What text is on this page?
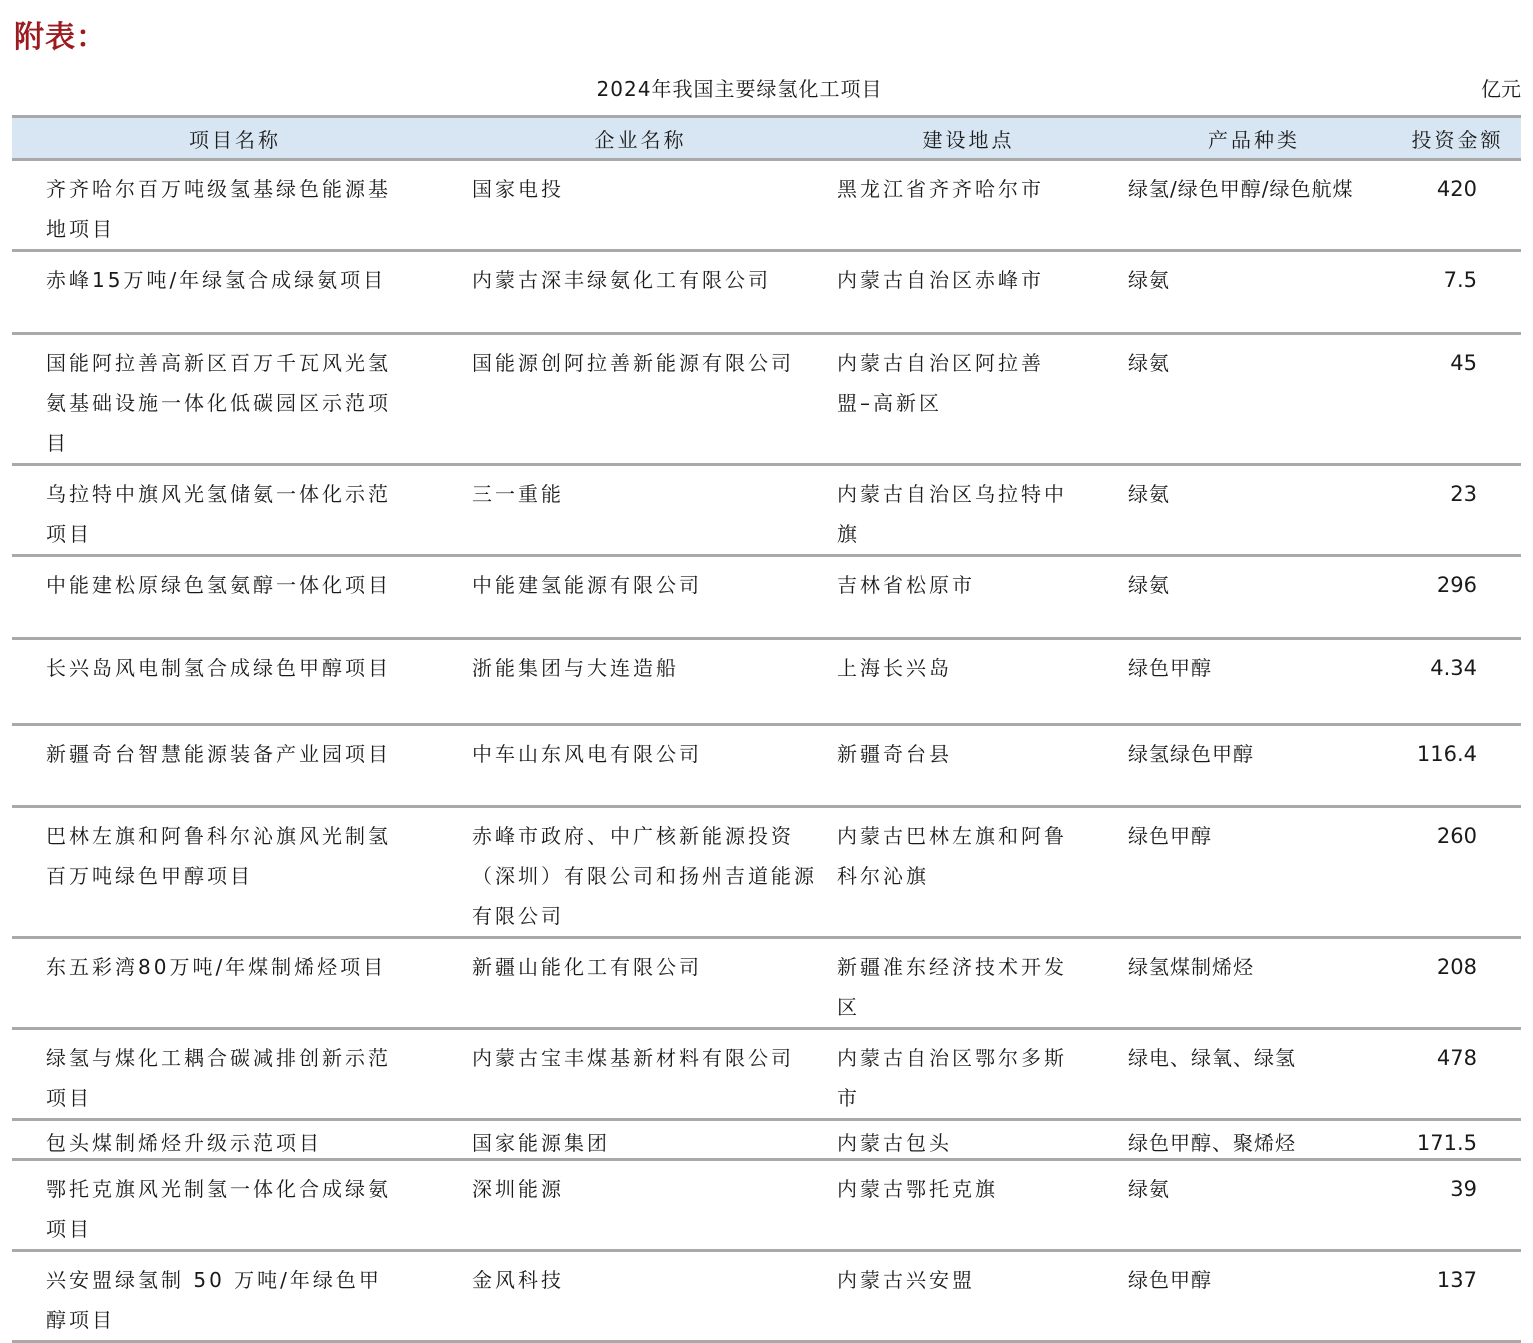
附表：
2024年我国主要绿氢化工项目	亿元
项目名称	企业名称	建设地点	产品种类	投资金额
齐齐哈尔百万吨级氢基绿色能源基地项目	国家电投	黑龙江省齐齐哈尔市	绿氢/绿色甲醇/绿色航煤	420
赤峰15万吨/年绿氢合成绿氨项目	内蒙古深丰绿氨化工有限公司	内蒙古自治区赤峰市	绿氨	7.5
国能阿拉善高新区百万千瓦风光氢氨基础设施一体化低碳园区示范项目	国能源创阿拉善新能源有限公司	内蒙古自治区阿拉善盟–高新区	绿氨	45
乌拉特中旗风光氢储氨一体化示范项目	三一重能	内蒙古自治区乌拉特中旗	绿氨	23
中能建松原绿色氢氨醇一体化项目	中能建氢能源有限公司	吉林省松原市	绿氨	296
长兴岛风电制氢合成绿色甲醇项目	浙能集团与大连造船	上海长兴岛	绿色甲醇	4.34
新疆奇台智慧能源装备产业园项目	中车山东风电有限公司	新疆奇台县	绿氢绿色甲醇	116.4
巴林左旗和阿鲁科尔沁旗风光制氢百万吨绿色甲醇项目	赤峰市政府、中广核新能源投资（深圳）有限公司和扬州吉道能源有限公司	内蒙古巴林左旗和阿鲁科尔沁旗	绿色甲醇	260
东五彩湾80万吨/年煤制烯烃项目	新疆山能化工有限公司	新疆准东经济技术开发区	绿氢煤制烯烃	208
绿氢与煤化工耦合碳减排创新示范项目	内蒙古宝丰煤基新材料有限公司	内蒙古自治区鄂尔多斯市	绿电、绿氧、绿氢	478
包头煤制烯烃升级示范项目	国家能源集团	内蒙古包头	绿色甲醇、聚烯烃	171.5
鄂托克旗风光制氢一体化合成绿氨项目	深圳能源	内蒙古鄂托克旗	绿氨	39
兴安盟绿氢制 50 万吨/年绿色甲醇项目	金风科技	内蒙古兴安盟	绿色甲醇	137
